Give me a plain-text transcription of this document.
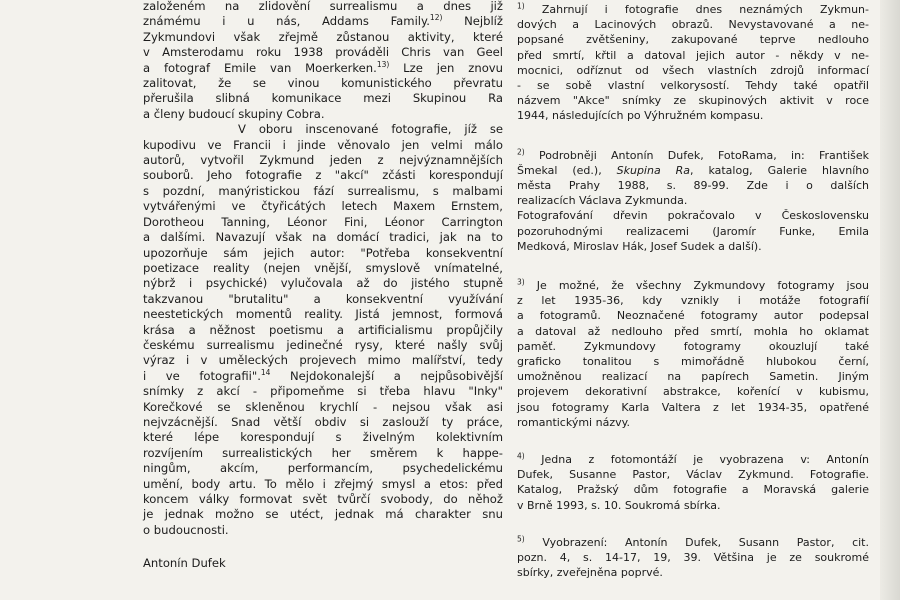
založeném na zlidovění surrealismu a dnes již
známému i u nás, Addams Family.$^{12)}$ Nejblíž
Zykmundovi však zřejmě zůstanou aktivity, které
v Amsterodamu roku 1938 prováděli Chris van Geel
a fotograf Emile van Moerkerken.$^{13)}$ Lze jen znovu
zalitovat, že se vinou komunistického převratu
přerušila slibná komunikace mezi Skupinou Ra
a členy budoucí skupiny Cobra.
V oboru inscenované fotografie, jíž se
kupodivu ve Francii i jinde věnovalo jen velmi málo
autorů, vytvořil Zykmund jeden z nejvýznamnějších
souborů. Jeho fotografie z "akcí" zčásti korespondují
s pozdní, manýristickou fází surrealismu, s malbami
vytvářenými ve čtyřicátých letech Maxem Ernstem,
Dorotheou Tanning, Léonor Fini, Léonor Carrington
a dalšími. Navazují však na domácí tradici, jak na to
upozorňuje sám jejich autor: "Potřeba konsekventní
poetizace reality (nejen vnější, smyslově vnímatelné,
nýbrž i psychické) vylučovala až do jistého stupně
takzvanou "brutalitu" a konsekventní využívání
neestetických momentů reality. Jistá jemnost, formová
krása a něžnost poetismu a artificialismu propůjčily
českému surrealismu jedinečné rysy, které našly svůj
výraz i v uměleckých projevech mimo malířství, tedy
i ve fotografii".$^{14}$ Nejdokonalejší a nejpůsobivější
snímky z akcí - připomeňme si třeba hlavu "Inky"
Korečkové se skleněnou krychlí - nejsou však asi
nejvzácnější. Snad větší obdiv si zaslouží ty práce,
které lépe korespondují s živelným kolektivním
rozvíjením surrealistických her směrem k happe-
ningům, akcím, performancím, psychedelickému
umění, body artu. To mělo i zřejmý smysl a etos: před
koncem války formovat svět tvůrčí svobody, do něhož
je jednak možno se utéct, jednak má charakter snu
o budoucnosti.
Antonín Dufek
$^{1)}$ Zahrnují i fotografie dnes neznámých Zykmun-
dových a Lacinových obrazů. Nevystavované a ne-
popsané zvětšeniny, zakupované teprve nedlouho
před smrtí, křtil a datoval jejich autor - někdy v ne-
mocnici, odříznut od všech vlastních zdrojů informací
- se sobě vlastní velkorysostí. Tehdy také opatřil
názvem "Akce" snímky ze skupinových aktivit v roce
1944, následujících po Výhružném kompasu.
$^{2)}$ Podrobněji Antonín Dufek, FotoRama, in: František
Šmekal (ed.), Skupina Ra, katalog, Galerie hlavního
města Prahy 1988, s. 89-99. Zde i o dalších
realizacích Václava Zykmunda.
Fotografování dřevin pokračovalo v Československu
pozoruhodnými realizacemi (Jaromír Funke, Emila
Medková, Miroslav Hák, Josef Sudek a další).
$^{3)}$ Je možné, že všechny Zykmundovy fotogramy jsou
z let 1935-36, kdy vznikly i motáže fotografií
a fotogramů. Neoznačené fotogramy autor podepsal
a datoval až nedlouho před smrtí, mohla ho oklamat
paměť. Zykmundovy fotogramy okouzlují také
graficko tonalitou s mimořádně hlubokou černí,
umožněnou realizací na papírech Sametin. Jiným
projevem dekorativní abstrakce, kořenící v kubismu,
jsou fotogramy Karla Valtera z let 1934-35, opatřené
romantickými názvy.
$^{4)}$ Jedna z fotomontáží je vyobrazena v: Antonín
Dufek, Susanne Pastor, Václav Zykmund. Fotografie.
Katalog, Pražský dům fotografie a Moravská galerie
v Brně 1993, s. 10. Soukromá sbírka.
$^{5)}$ Vyobrazení: Antonín Dufek, Susann Pastor, cit.
pozn. 4, s. 14-17, 19, 39. Většina je ze soukromé
sbírky, zveřejněna poprvé.
